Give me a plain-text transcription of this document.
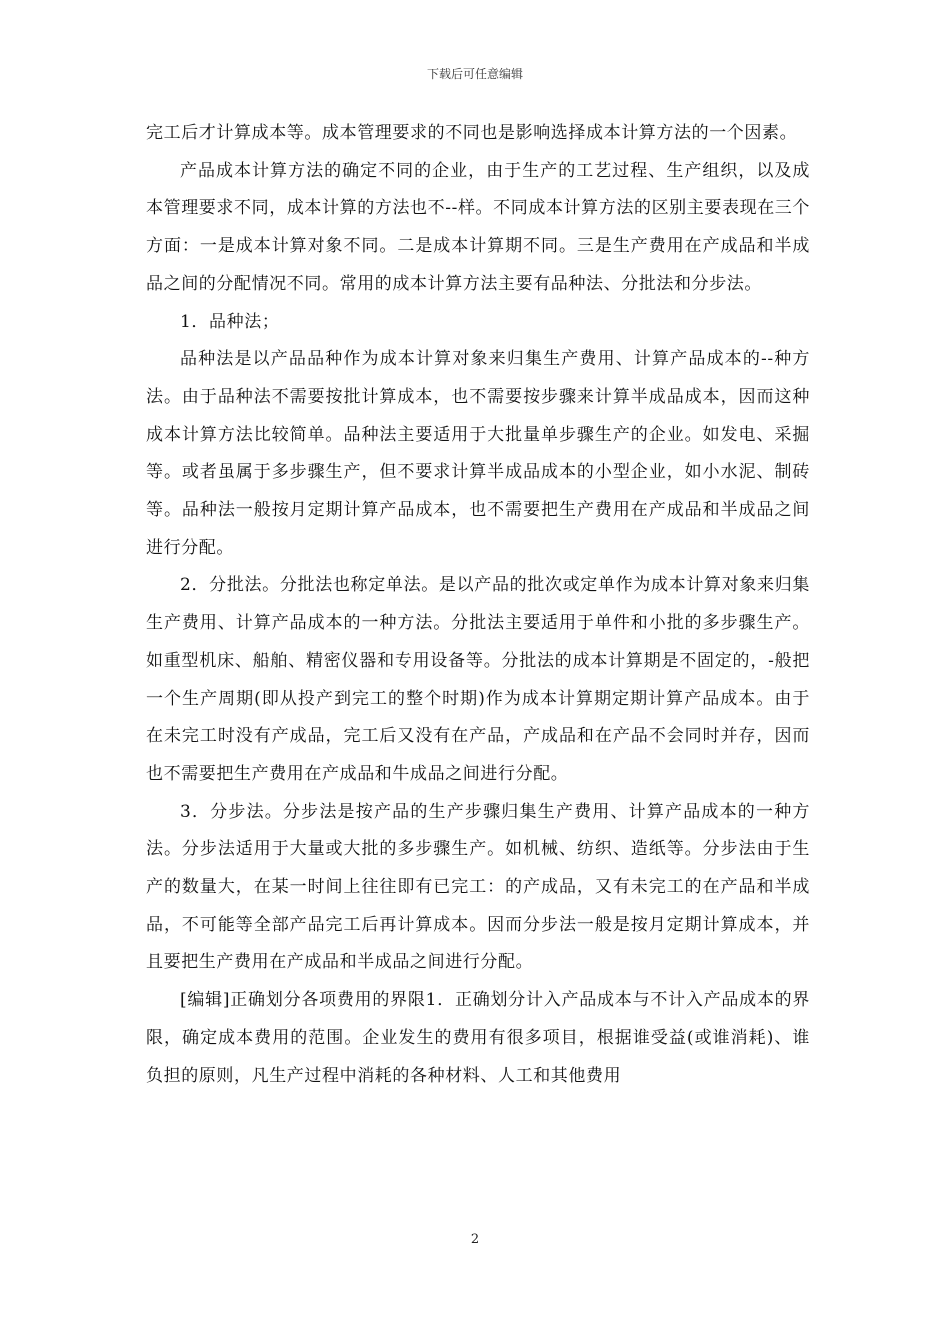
下载后可任意编辑

完工后才计算成本等。成本管理要求的不同也是影响选择成本计算方法的一个因素。

产品成本计算方法的确定不同的企业，由于生产的工艺过程、生产组织，以及成本管理要求不同，成本计算的方法也不--样。不同成本计算方法的区别主要表现在三个方面：一是成本计算对象不同。二是成本计算期不同。三是生产费用在产成品和半成品之间的分配情况不同。常用的成本计算方法主要有品种法、分批法和分步法。

1．品种法；

品种法是以产品品种作为成本计算对象来归集生产费用、计算产品成本的--种方法。由于品种法不需要按批计算成本，也不需要按步骤来计算半成品成本，因而这种成本计算方法比较简单。品种法主要适用于大批量单步骤生产的企业。如发电、采掘等。或者虽属于多步骤生产，但不要求计算半成品成本的小型企业，如小水泥、制砖等。品种法一般按月定期计算产品成本，也不需要把生产费用在产成品和半成品之间进行分配。

2．分批法。分批法也称定单法。是以产品的批次或定单作为成本计算对象来归集生产费用、计算产品成本的一种方法。分批法主要适用于单件和小批的多步骤生产。如重型机床、船舶、精密仪器和专用设备等。分批法的成本计算期是不固定的，-般把一个生产周期(即从投产到完工的整个时期)作为成本计算期定期计算产品成本。由于在未完工时没有产成品，完工后又没有在产品，产成品和在产品不会同时并存，因而也不需要把生产费用在产成品和牛成品之间进行分配。

3．分步法。分步法是按产品的生产步骤归集生产费用、计算产品成本的一种方法。分步法适用于大量或大批的多步骤生产。如机械、纺织、造纸等。分步法由于生产的数量大，在某一时间上往往即有已完工：的产成品，又有未完工的在产品和半成品，不可能等全部产品完工后再计算成本。因而分步法一般是按月定期计算成本，并且要把生产费用在产成品和半成品之间进行分配。

[编辑]正确划分各项费用的界限1．正确划分计入产品成本与不计入产品成本的界限，确定成本费用的范围。企业发生的费用有很多项目，根据谁受益(或谁消耗)、谁负担的原则，凡生产过程中消耗的各种材料、人工和其他费用

2
